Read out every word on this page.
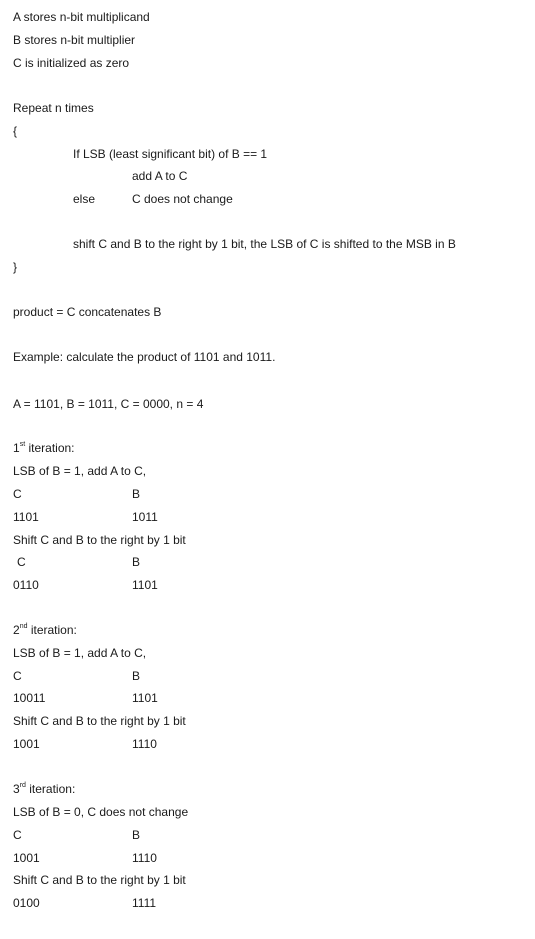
A stores n-bit multiplicand
B stores n-bit multiplier
C is initialized as zero
Repeat n times
{
If LSB (least significant bit) of B == 1
add A to C
else	C does not change
shift C and B to the right by 1 bit, the LSB of C is shifted to the MSB in B
}
product = C concatenates B
Example: calculate the product of 1101 and 1011.
A = 1101, B = 1011, C = 0000, n = 4
1st iteration:
LSB of B = 1, add A to C,
C	B
1101	1011
Shift C and B to the right by 1 bit
C	B
0110	1101
2nd iteration:
LSB of B = 1, add A to C,
C	B
10011	1101
Shift C and B to the right by 1 bit
1001	1110
3rd iteration:
LSB of B = 0, C does not change
C	B
1001	1110
Shift C and B to the right by 1 bit
0100	1111
